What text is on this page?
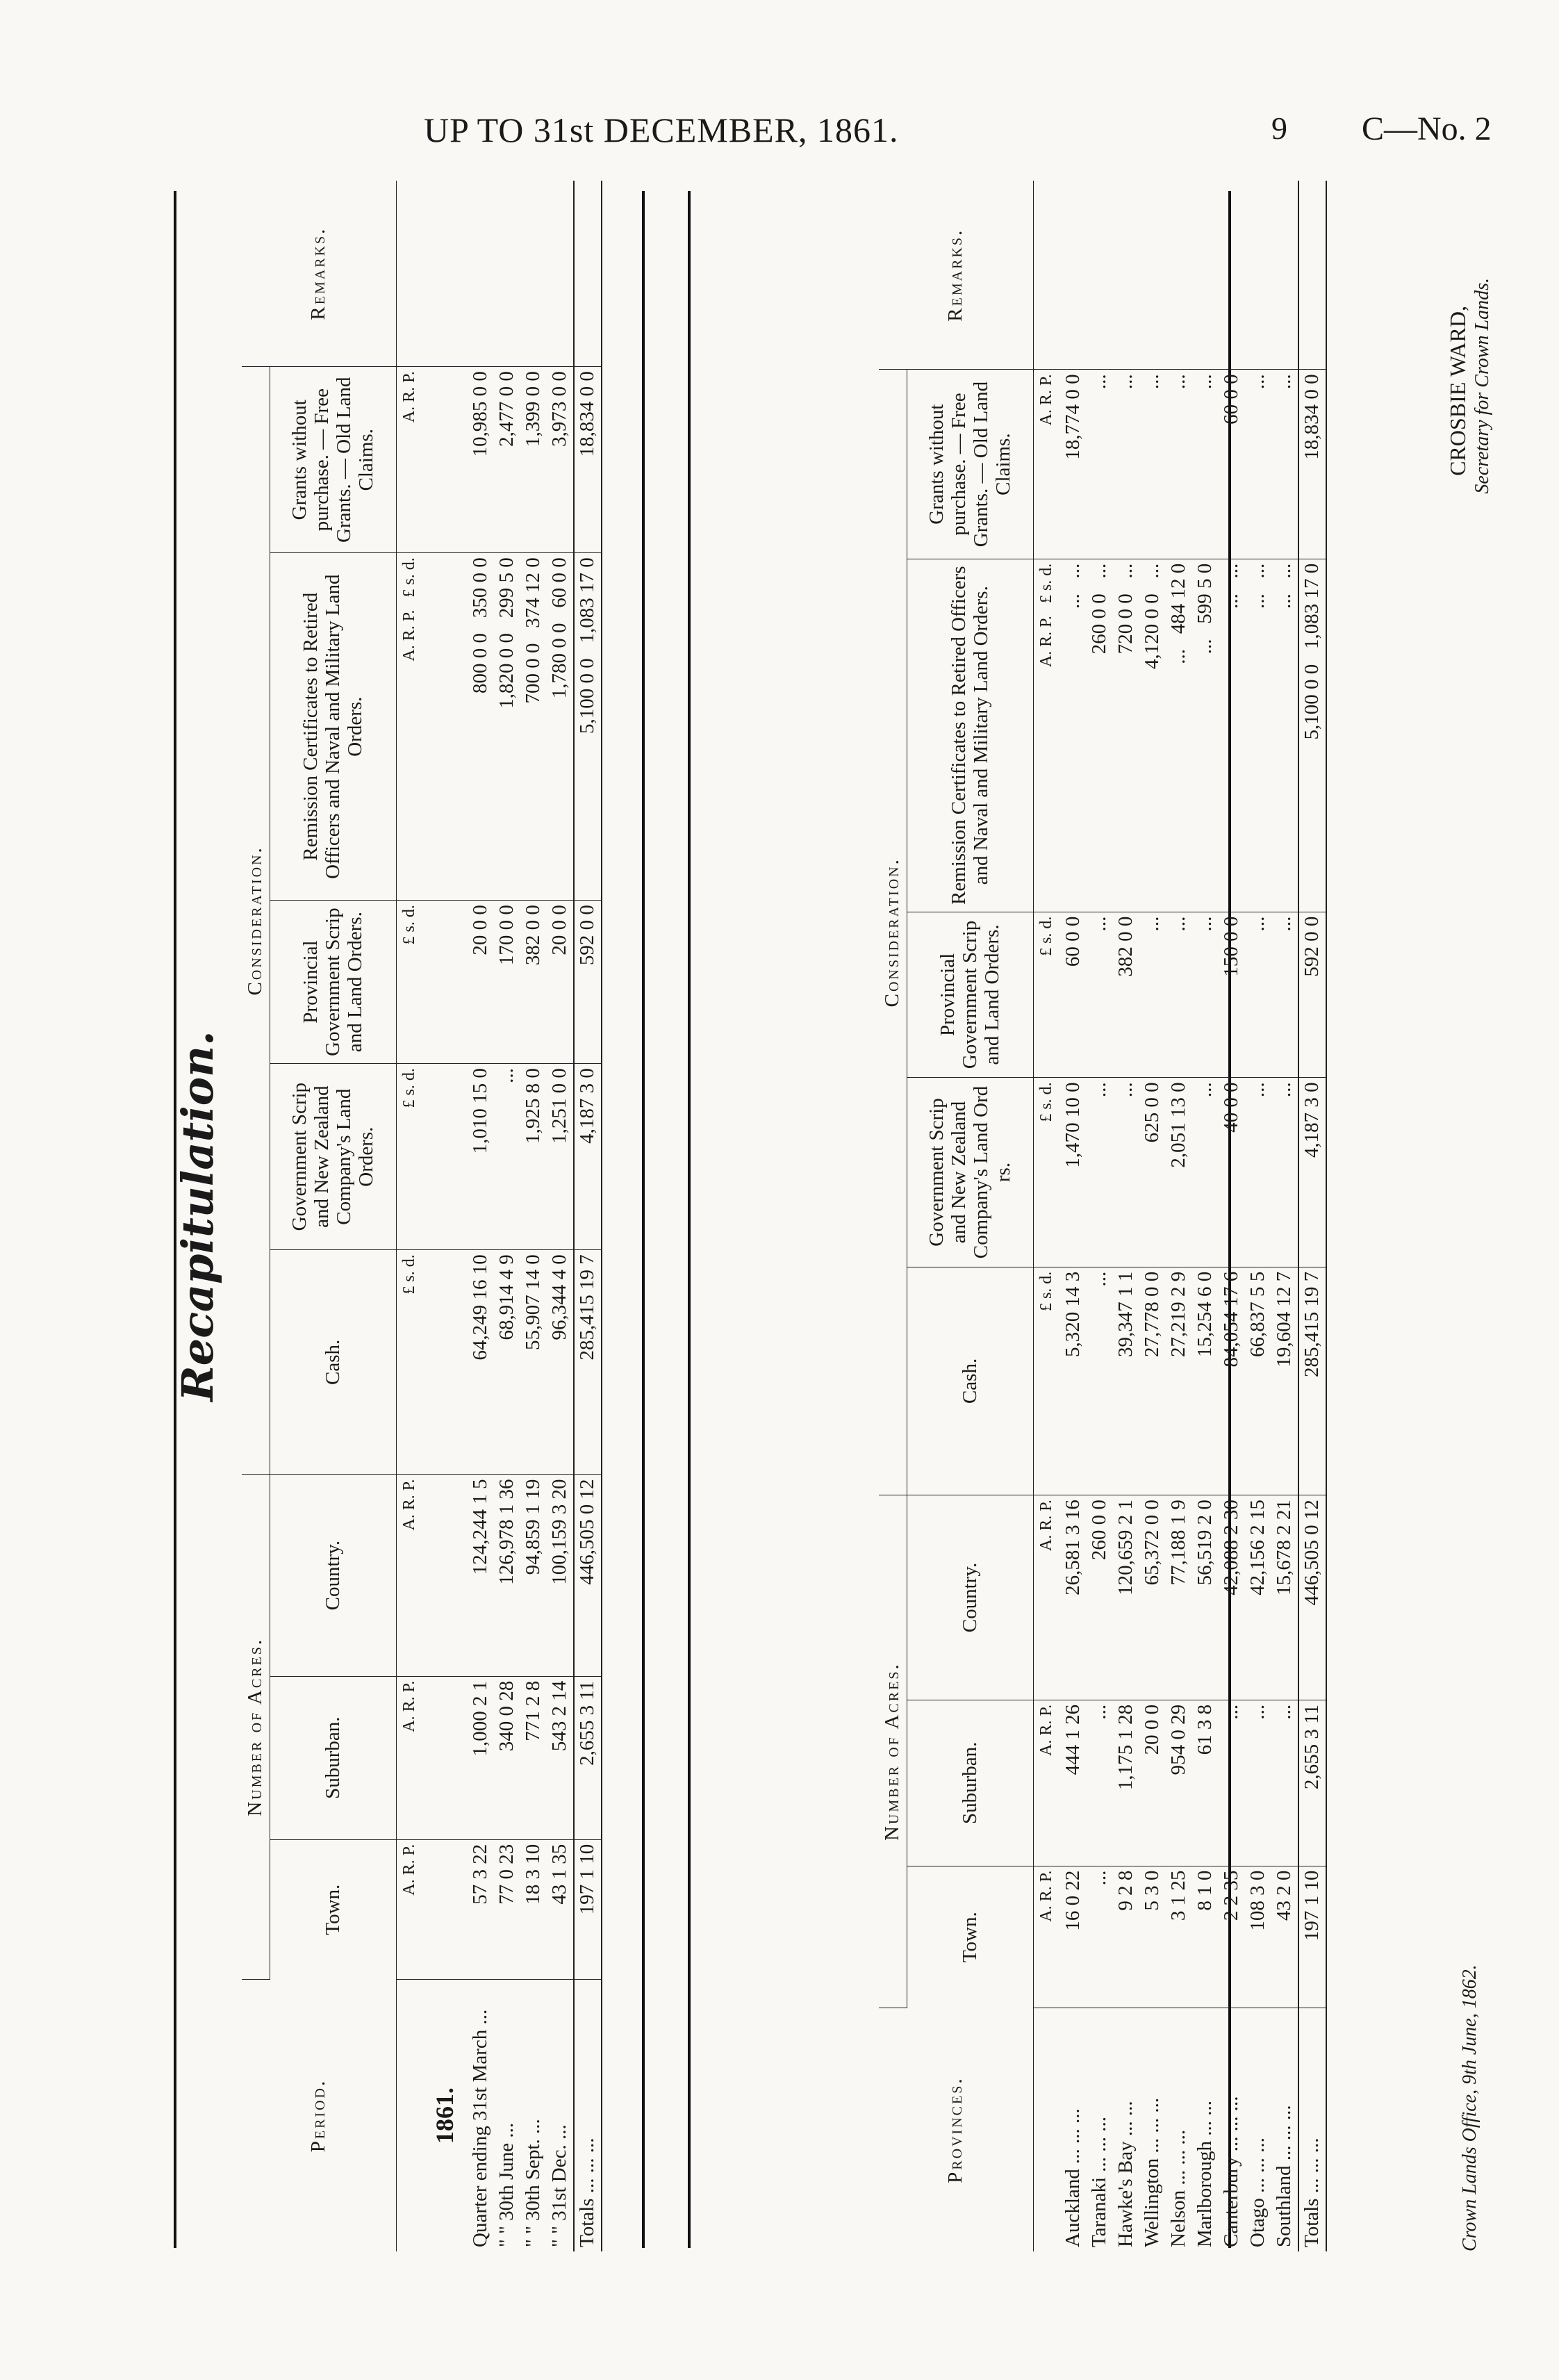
UP TO 31st DECEMBER, 1861.	9 C—No. 2
Recapitulation.
Period.	Number of Acres.			Consideration.					Remarks.
	Town.	Suburban.	Country.	Cash.	Government Scrip and New Zealand Company's Land Orders.	Provincial Government Scrip and Land Orders.	Remission Certificates to Retired Officers and Naval and Military Land Orders.	Grants without purchase. — Free Grants. — Old Land Claims.	
	A. R. P.	A. R. P.	A. R. P.	£ s. d.	£ s. d.	£ s. d.	A. R. P.   £ s. d.	A. R. P.	
1861.									
Quarter ending 31st March ...	57 3 22	1,000 2 1	124,244 1 5	64,249 16 10	1,010 15 0	20 0 0	800 0 0   350 0 0	10,985 0 0	
" " 30th June ...	77 0 23	340 0 28	126,978 1 36	68,914 4 9	...	170 0 0	1,820 0 0   299 5 0	2,477 0 0	
" " 30th Sept. ...	18 3 10	771 2 8	94,859 1 19	55,907 14 0	1,925 8 0	382 0 0	700 0 0   374 12 0	1,399 0 0	
" " 31st Dec. ...	43 1 35	543 2 14	100,159 3 20	96,344 4 0	1,251 0 0	20 0 0	1,780 0 0   60 0 0	3,973 0 0	
Totals ... ... ...	197 1 10	2,655 3 11	446,505 0 12	285,415 19 7	4,187 3 0	592 0 0	5,100 0 0   1,083 17 0	18,834 0 0	
Provinces.	Number of Acres.			Consideration.					Remarks.
	Town.	Suburban.	Country.	Cash.	Government Scrip and New Zealand Company's Land Ord rs.	Provincial Government Scrip and Land Orders.	Remission Certificates to Retired Officers and Naval and Military Land Orders.	Grants without purchase. — Free Grants. — Old Land Claims.	
	A. R. P.	A. R. P.	A. R. P.	£ s. d.	£ s. d.	£ s. d.	A. R. P.   £ s. d.	A. R. P.	
Auckland ... ... ...	16 0 22	444 1 26	26,581 3 16	5,320 14 3	1,470 10 0	60 0 0	...   ...	18,774 0 0	
Taranaki ... ... ...	...	...	260 0 0	...	...	...	260 0 0   ...	...	
Hawke's Bay ... ...	9 2 8	1,175 1 28	120,659 2 1	39,347 1 1	...	382 0 0	720 0 0   ...	...	
Wellington ... ... ...	5 3 0	20 0 0	65,372 0 0	27,778 0 0	625 0 0	...	4,120 0 0   ...	...	
Nelson ... ... ...	3 1 25	954 0 29	77,188 1 9	27,219 2 9	2,051 13 0	...	...   484 12 0	...	
Marlborough ... ...	8 1 0	61 3 8	56,519 2 0	15,254 6 0	...	...	...   599 5 0	...	
Canterbury ... ... ...	2 2 35	...	42,088 2 30	84,054 17 6	40 0 0	150 0 0	...   ...	60 0 0	
Otago ... ... ...	108 3 0	...	42,156 2 15	66,837 5 5	...	...	...   ...	...	
Southland ... ... ...	43 2 0	...	15,678 2 21	19,604 12 7	...	...	...   ...	...	
Totals ... ... ...	197 1 10	2,655 3 11	446,505 0 12	285,415 19 7	4,187 3 0	592 0 0	5,100 0 0   1,083 17 0	18,834 0 0	
Crown Lands Office, 9th June, 1862.
CROSBIE WARD, Secretary for Crown Lands.
